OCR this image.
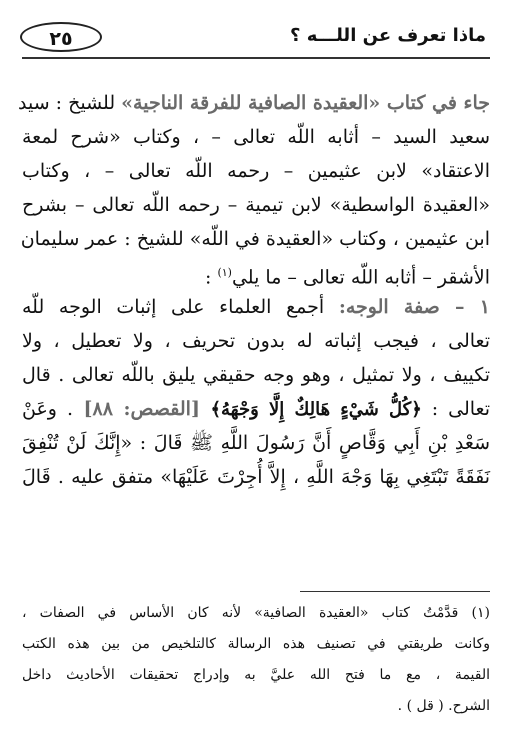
٢٥	ماذا تعرف عن اللـــه ؟
جاء في كتاب «العقيدة الصافية للفرقة الناجية» للشيخ : سيد
سعيد السيد – أثابه اللّه تعالى – ، وكتاب «شرح لمعة
الاعتقاد» لابن عثيمين – رحمه اللّه تعالى – ، وكتاب
«العقيدة الواسطية» لابن تيمية – رحمه اللّه تعالى – بشرح
ابن عثيمين ، وكتاب «العقيدة في اللّه» للشيخ : عمر سليمان
الأشقر – أثابه اللّه تعالى – ما يلي$^{(١)}$ :
١ – صفة الوجه: أجمع العلماء على إثبات الوجه للّه
تعالى ، فيجب إثباته له بدون تحريف ، ولا تعطيل ، ولا
تكييف ، ولا تمثيل ، وهو وجه حقيقي يليق باللّه تعالى . قال
تعالى : ﴿كُلُّ شَيْءٍ هَالِكٌ إِلَّا وَجْهَهُ﴾ [القصص: ٨٨] . وعَنْ
سَعْدِ بْنِ أَبِي وَقَّاصٍ أَنَّ رَسُولَ اللَّهِ ﷺ قَالَ : «إِنَّكَ لَنْ تُنْفِقَ
نَفَقَةً تَبْتَغِي بِهَا وَجْهَ اللَّهِ ، إِلاَّ أُجِرْتَ عَلَيْهَا» متفق عليه . قَالَ
(١) قدَّمْتُ كتاب «العقيدة الصافية» لأنه كان الأساس في الصفات ،
وكانت طريقتي في تصنيف هذه الرسالة كالتلخيص من بين هذه الكتب
القيمة ، مع ما فتح الله عليَّ به وإدراج تحقيقات الأحاديث داخل
الشرح. ( قل ) .
